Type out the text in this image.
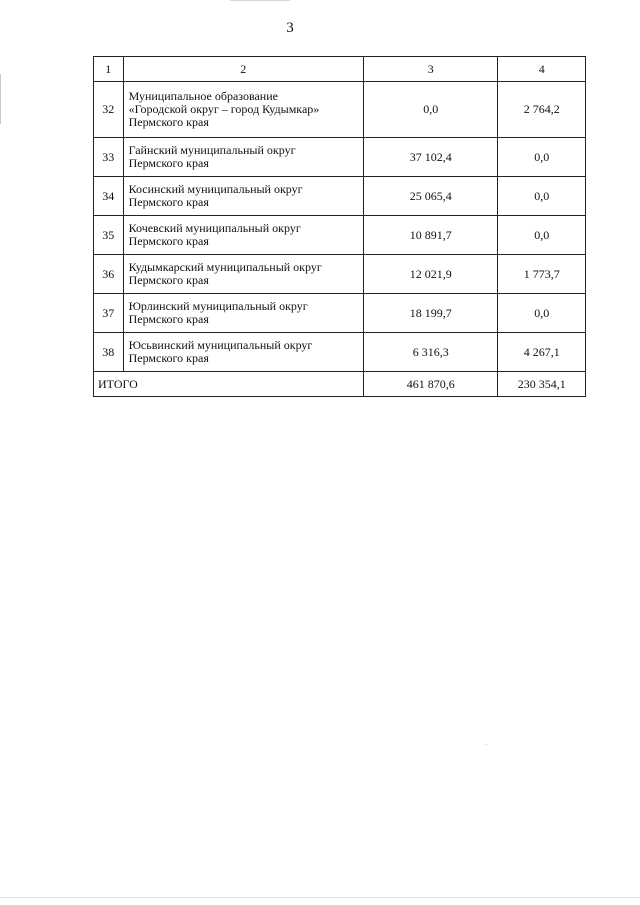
3
1	2	3	4
32	Муниципальное образование
«Городской округ – город Кудымкар»
Пермского края	0,0	2 764,2
33	Гайнский муниципальный округ
Пермского края	37 102,4	0,0
34	Косинский муниципальный округ
Пермского края	25 065,4	0,0
35	Кочевский муниципальный округ
Пермского края	10 891,7	0,0
36	Кудымкарский муниципальный округ
Пермского края	12 021,9	1 773,7
37	Юрлинский муниципальный округ
Пермского края	18 199,7	0,0
38	Юсьвинский муниципальный округ
Пермского края	6 316,3	4 267,1
ИТОГО		461 870,6	230 354,1
